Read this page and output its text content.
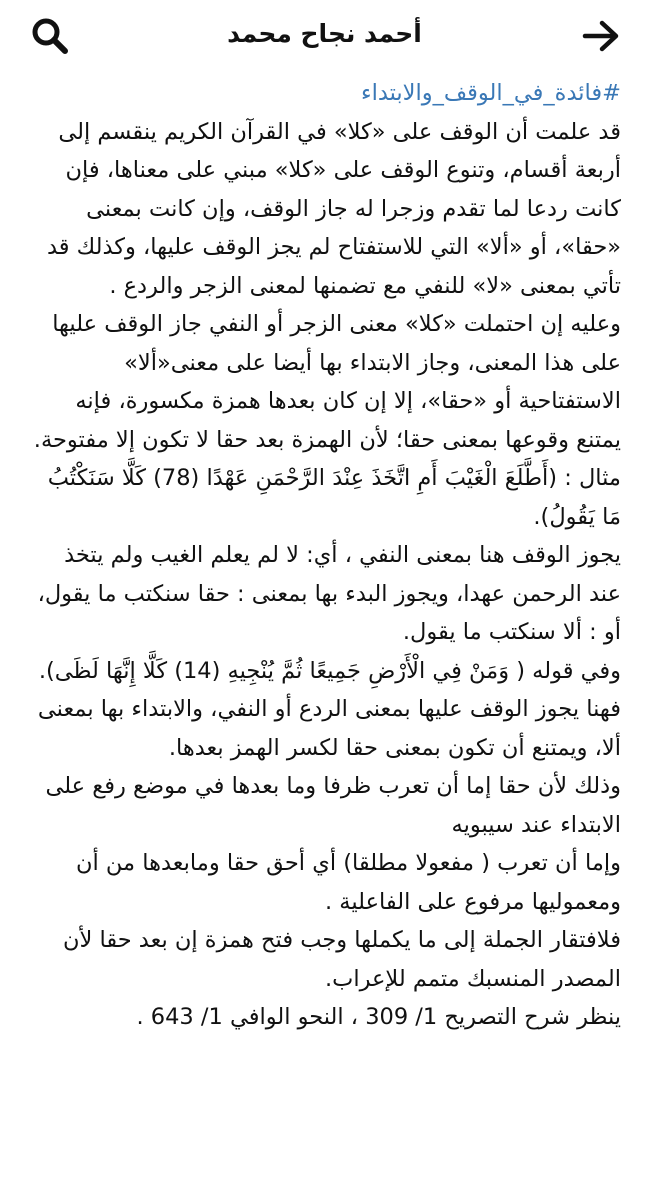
أحمد نجاح محمد

#فائدة_في_الوقف_والابتداء

قد علمت أن الوقف على «كلا» في القرآن الكريم ينقسم إلى أربعة أقسام، وتنوع الوقف على «كلا» مبني على معناها، فإن كانت ردعا لما تقدم وزجرا له جاز الوقف، وإن كانت بمعنى «حقا»، أو «ألا» التي للاستفتاح لم يجز الوقف عليها، وكذلك قد تأتي بمعنى «لا» للنفي مع تضمنها لمعنى الزجر والردع .

وعليه إن احتملت «كلا» معنى الزجر أو النفي جاز الوقف عليها على هذا المعنى، وجاز الابتداء بها أيضا على معنى«ألا» الاستفتاحية أو «حقا»، إلا إن كان بعدها همزة مكسورة، فإنه يمتنع وقوعها بمعنى حقا؛ لأن الهمزة بعد حقا لا تكون إلا مفتوحة.

مثال : (أَطَّلَعَ الْغَيْبَ أَمِ اتَّخَذَ عِنْدَ الرَّحْمَنِ عَهْدًا (78) كَلَّا سَنَكْتُبُ مَا يَقُولُ).

يجوز الوقف هنا بمعنى النفي ، أي: لا لم يعلم الغيب ولم يتخذ عند الرحمن عهدا، ويجوز البدء بها بمعنى : حقا سنكتب ما يقول، أو : ألا سنكتب ما يقول.

وفي قوله ( وَمَنْ فِي الْأَرْضِ جَمِيعًا ثُمَّ يُنْجِيهِ (14) كَلَّا إِنَّهَا لَظَى).

فهنا يجوز الوقف عليها بمعنى الردع أو النفي، والابتداء بها بمعنى ألا، ويمتنع أن تكون بمعنى حقا لكسر الهمز بعدها.

وذلك لأن حقا إما أن تعرب ظرفا وما بعدها في موضع رفع على الابتداء عند سيبويه

وإما أن تعرب ( مفعولا مطلقا) أي أحق حقا ومابعدها من أن ومعموليها مرفوع على الفاعلية .

فلافتقار الجملة إلى ما يكملها وجب فتح همزة إن بعد حقا لأن المصدر المنسبك متمم للإعراب.

ينظر شرح التصريح 1/ 309 ، النحو الوافي 1/ 643 .
